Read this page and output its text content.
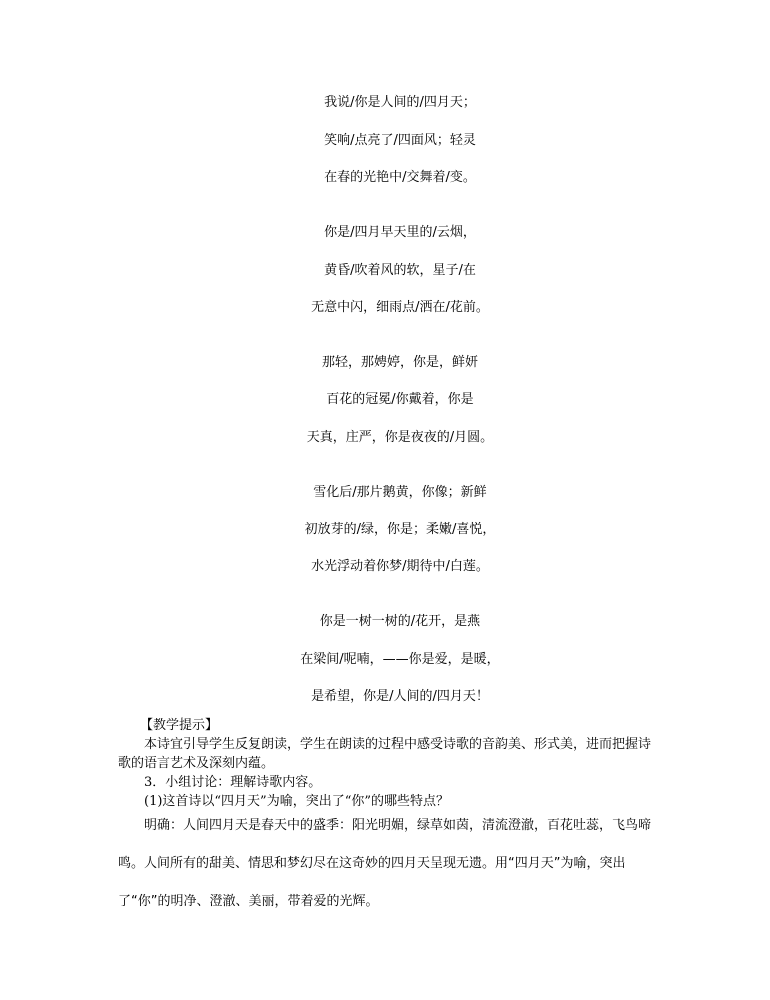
我说/你是人间的/四月天；
笑响/点亮了/四面风；轻灵
在春的光艳中/交舞着/变。
你是/四月早天里的/云烟，
黄昏/吹着风的软，星子/在
无意中闪，细雨点/洒在/花前。
那轻，那娉婷，你是，鲜妍
百花的冠冕/你戴着，你是
天真，庄严，你是夜夜的/月圆。
雪化后/那片鹅黄，你像；新鲜
初放芽的/绿，你是；柔嫩/喜悦，
水光浮动着你梦/期待中/白莲。
你是一树一树的/花开，是燕
在梁间/呢喃，——你是爱，是暖，
是希望，你是/人间的/四月天！
【教学提示】

本诗宜引导学生反复朗读，学生在朗读的过程中感受诗歌的音韵美、形式美，进而把握诗歌的语言艺术及深刻内蕴。

3．小组讨论：理解诗歌内容。

(1)这首诗以“四月天”为喻，突出了“你”的哪些特点？

明确：人间四月天是春天中的盛季：阳光明媚，绿草如茵，清流澄澈，百花吐蕊，飞鸟啼鸣。人间所有的甜美、情思和梦幻尽在这奇妙的四月天呈现无遗。用“四月天”为喻，突出了“你”的明净、澄澈、美丽，带着爱的光辉。
